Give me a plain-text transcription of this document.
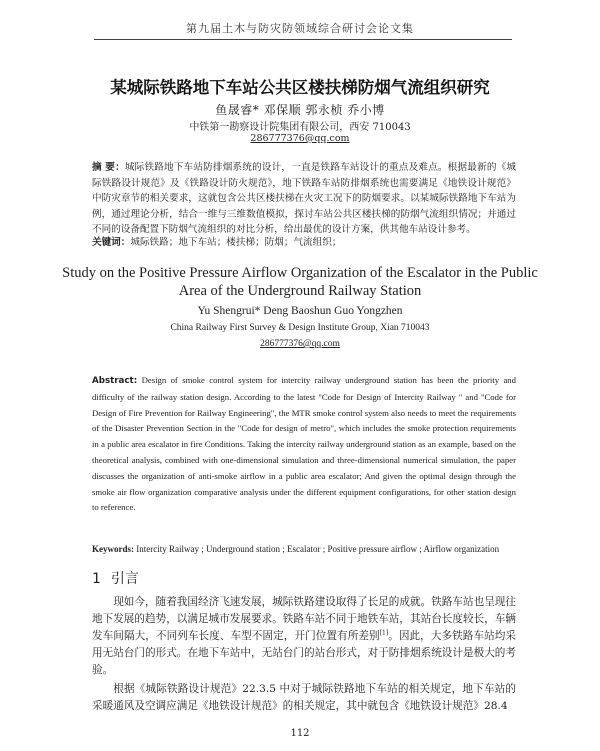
第九届土木与防灾防领域综合研讨会论文集
某城际铁路地下车站公共区楼扶梯防烟气流组织研究
鱼晟睿* 邓保顺 郭永桢 乔小博
中铁第一勘察设计院集团有限公司，西安 710043
286777376@qq.com
摘 要：城际铁路地下车站防排烟系统的设计，一直是铁路车站设计的重点及难点。根据最新的《城际铁路设计规范》及《铁路设计防火规范》，地下铁路车站防排烟系统也需要满足《地铁设计规范》中防灾章节的相关要求，这就包含公共区楼扶梯在火灾工况下的防烟要求。以某城际铁路地下车站为例，通过理论分析，结合一维与三维数值模拟，探讨车站公共区楼扶梯的防烟气流组织情况；并通过不同的设备配置下防烟气流组织的对比分析，给出最优的设计方案，供其他车站设计参考。
关键词：城际铁路；地下车站；楼扶梯；防烟；气流组织；
Study on the Positive Pressure Airflow Organization of the Escalator in the Public
Area of the Underground Railway Station
Yu Shengrui* Deng Baoshun Guo Yongzhen
China Railway First Survey & Design Institute Group, Xian 710043
286777376@qq.com
Abstract: Design of smoke control system for intercity railway underground station has been the priority and difficulty of the railway station design. According to the latest "Code for Design of Intercity Railway " and "Code for Design of Fire Prevention for Railway Engineering", the MTR smoke control system also needs to meet the requirements of the Disaster Prevention Section in the "Code for design of metro", which includes the smoke protection requirements in a public area escalator in fire Conditions. Taking the intercity railway underground station as an example, based on the theoretical analysis, combined with one-dimensional simulation and three-dimensional numerical simulation, the paper discusses the organization of anti-smoke airflow in a public area escalator; And given the optimal design through the smoke air flow organization comparative analysis under the different equipment configurations, for other station design to reference.
Keywords: Intercity Railway ; Underground station ; Escalator ; Positive pressure airflow ; Airflow organization
1 引言

现如今，随着我国经济飞速发展，城际铁路建设取得了长足的成就。铁路车站也呈现往地下发展的趋势，以满足城市发展要求。铁路车站不同于地铁车站，其站台长度较长，车辆发车间隔大，不同列车长度、车型不固定，开门位置有所差别[1]。因此，大多铁路车站均采用无站台门的形式。在地下车站中，无站台门的站台形式，对于防排烟系统设计是极大的考验。

根据《城际铁路设计规范》22.3.5 中对于城际铁路地下车站的相关规定，地下车站的采暖通风及空调应满足《地铁设计规范》的相关规定，其中就包含《地铁设计规范》28.4

112
